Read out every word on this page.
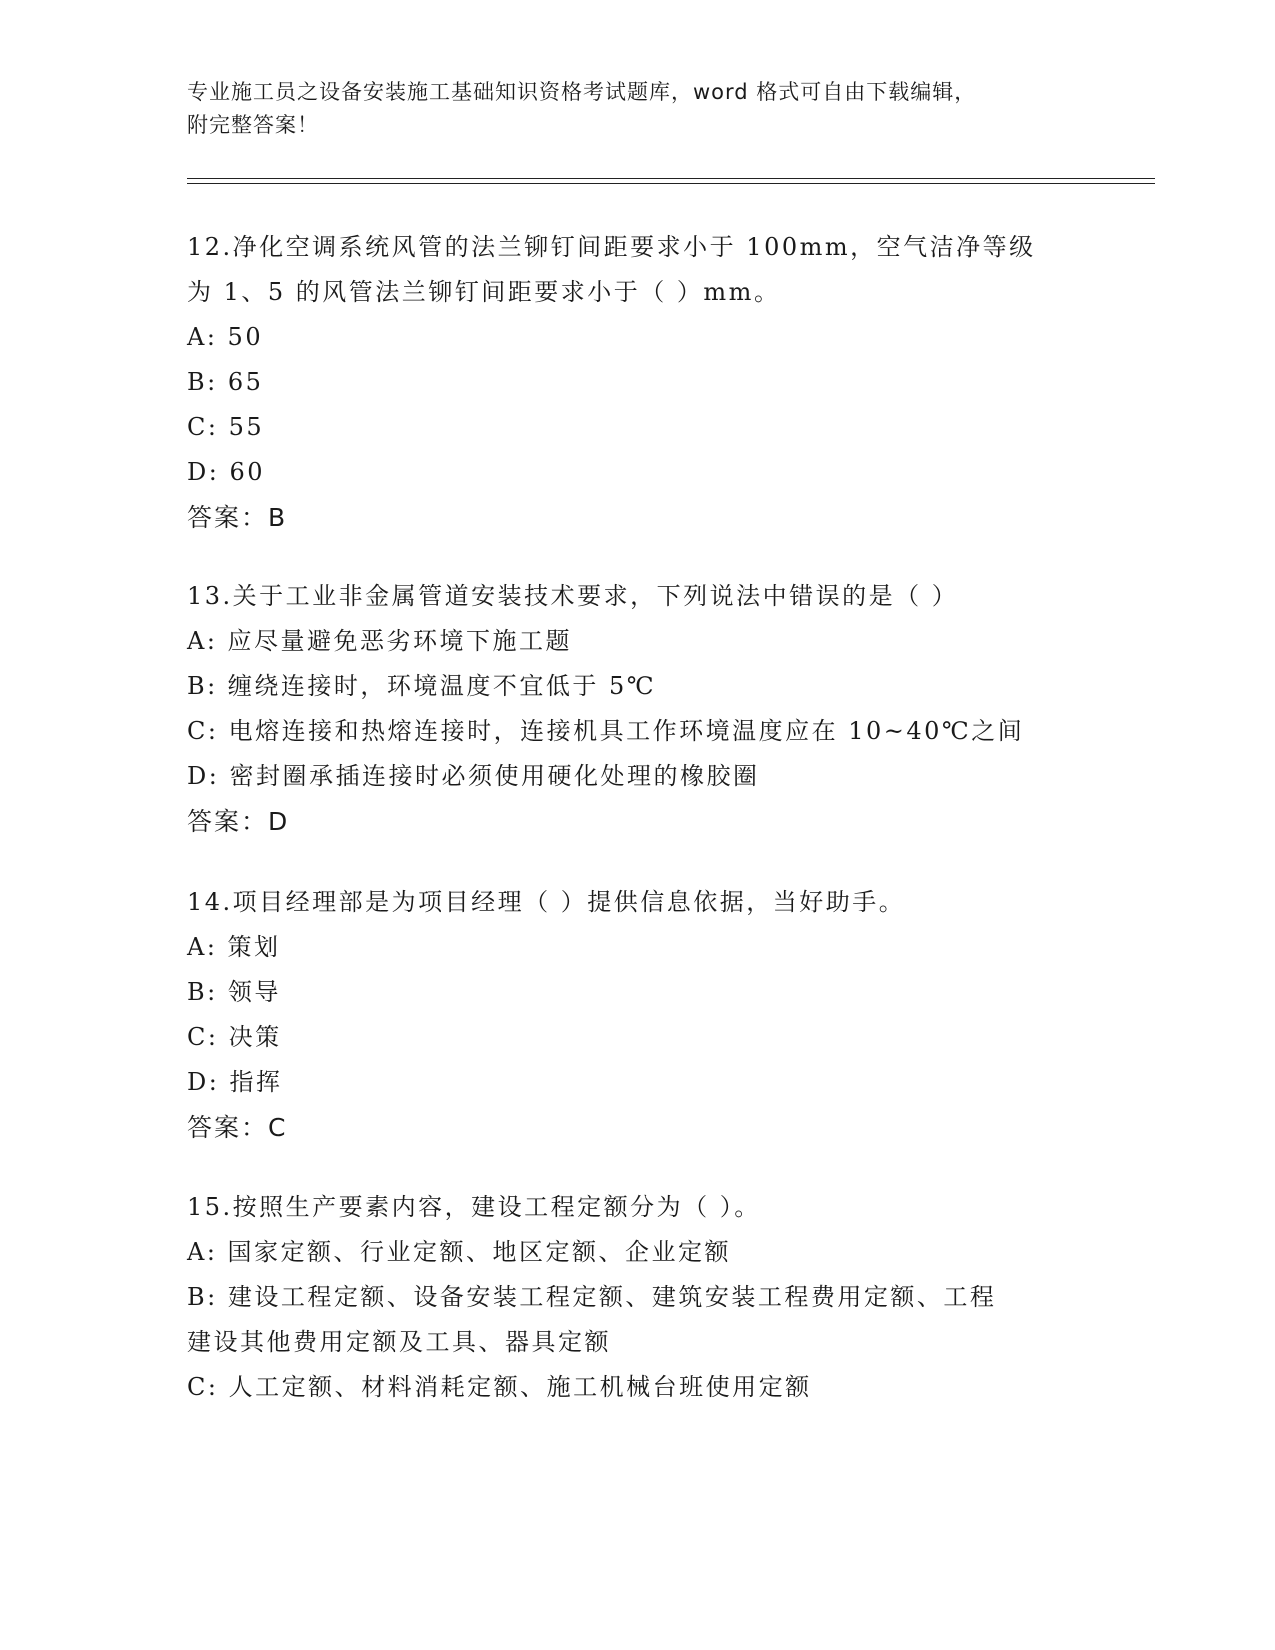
专业施工员之设备安装施工基础知识资格考试题库，word 格式可自由下载编辑，
附完整答案！
12.净化空调系统风管的法兰铆钉间距要求小于 100mm，空气洁净等级
为 1、5 的风管法兰铆钉间距要求小于（ ）mm。
A: 50
B: 65
C: 55
D: 60
答案：B
13.关于工业非金属管道安装技术要求，下列说法中错误的是（ ）
A: 应尽量避免恶劣环境下施工题
B: 缠绕连接时，环境温度不宜低于 5℃
C: 电熔连接和热熔连接时，连接机具工作环境温度应在 10~40℃之间
D: 密封圈承插连接时必须使用硬化处理的橡胶圈
答案：D
14.项目经理部是为项目经理（ ）提供信息依据，当好助手。
A: 策划
B: 领导
C: 决策
D: 指挥
答案：C
15.按照生产要素内容，建设工程定额分为（ ）。
A: 国家定额、行业定额、地区定额、企业定额
B: 建设工程定额、设备安装工程定额、建筑安装工程费用定额、工程
建设其他费用定额及工具、器具定额
C: 人工定额、材料消耗定额、施工机械台班使用定额
